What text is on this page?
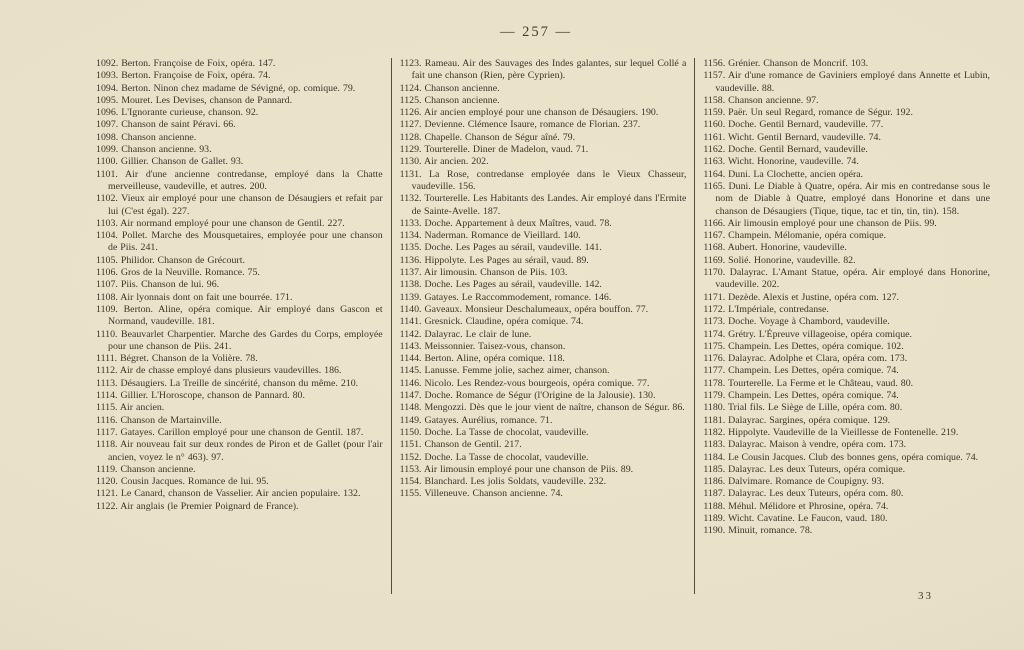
— 257 —

1092. Berton. Françoise de Foix, opéra. 147.

1093. Berton. Françoise de Foix, opéra. 74.

1094. Berton. Ninon chez madame de Sévigné, op. comique. 79.

1095. Mouret. Les Devises, chanson de Pannard.

1096. L'Ignorante curieuse, chanson. 92.

1097. Chanson de saint Péravi. 66.

1098. Chanson ancienne.

1099. Chanson ancienne. 93.

1100. Gillier. Chanson de Gallet. 93.

1101. Air d'une ancienne contredanse, employé dans la Chatte merveilleuse, vaudeville, et autres. 200.

1102. Vieux air employé pour une chanson de Désaugiers et refait par lui (C'est égal). 227.

1103. Air normand employé pour une chanson de Gentil. 227.

1104. Pollet. Marche des Mousquetaires, employée pour une chanson de Piis. 241.

1105. Philidor. Chanson de Grécourt.

1106. Gros de la Neuville. Romance. 75.

1107. Piis. Chanson de lui. 96.

1108. Air lyonnais dont on fait une bourrée. 171.

1109. Berton. Aline, opéra comique. Air employé dans Gascon et Normand, vaudeville. 181.

1110. Beauvarlet Charpentier. Marche des Gardes du Corps, employée pour une chanson de Piis. 241.

1111. Bégret. Chanson de la Volière. 78.

1112. Air de chasse employé dans plusieurs vaudevilles. 186.

1113. Désaugiers. La Treille de sincérité, chanson du même. 210.

1114. Gillier. L'Horoscope, chanson de Pannard. 80.

1115. Air ancien.

1116. Chanson de Martainville.

1117. Gatayes. Carillon employé pour une chanson de Gentil. 187.

1118. Air nouveau fait sur deux rondes de Piron et de Gallet (pour l'air ancien, voyez le n° 463). 97.

1119. Chanson ancienne.

1120. Cousin Jacques. Romance de lui. 95.

1121. Le Canard, chanson de Vasselier. Air ancien populaire. 132.

1122. Air anglais (le Premier Poignard de France).

1123. Rameau. Air des Sauvages des Indes galantes, sur lequel Collé a fait une chanson (Rien, père Cyprien).

1124. Chanson ancienne.

1125. Chanson ancienne.

1126. Air ancien employé pour une chanson de Désaugiers. 190.

1127. Devienne. Clémence Isaure, romance de Florian. 237.

1128. Chapelle. Chanson de Ségur aîné. 79.

1129. Tourterelle. Diner de Madelon, vaud. 71.

1130. Air ancien. 202.

1131. La Rose, contredanse employée dans le Vieux Chasseur, vaudeville. 156.

1132. Tourterelle. Les Habitants des Landes. Air employé dans l'Ermite de Sainte-Avelle. 187.

1133. Doche. Appartement à deux Maîtres, vaud. 78.

1134. Naderman. Romance de Vieillard. 140.

1135. Doche. Les Pages au sérail, vaudeville. 141.

1136. Hippolyte. Les Pages au sérail, vaud. 89.

1137. Air limousin. Chanson de Piis. 103.

1138. Doche. Les Pages au sérail, vaudeville. 142.

1139. Gatayes. Le Raccommodement, romance. 146.

1140. Gaveaux. Monsieur Deschalumeaux, opéra bouffon. 77.

1141. Gresnick. Claudine, opéra comique. 74.

1142. Dalayrac. Le clair de lune.

1143. Meissonnier. Taisez-vous, chanson.

1144. Berton. Aline, opéra comique. 118.

1145. Lanusse. Femme jolie, sachez aimer, chanson.

1146. Nicolo. Les Rendez-vous bourgeois, opéra comique. 77.

1147. Doche. Romance de Ségur (l'Origine de la Jalousie). 130.

1148. Mengozzi. Dès que le jour vient de naître, chanson de Ségur. 86.

1149. Gatayes. Aurélius, romance. 71.

1150. Doche. La Tasse de chocolat, vaudeville.

1151. Chanson de Gentil. 217.

1152. Doche. La Tasse de chocolat, vaudeville.

1153. Air limousin employé pour une chanson de Piis. 89.

1154. Blanchard. Les jolis Soldats, vaudeville. 232.

1155. Villeneuve. Chanson ancienne. 74.

1156. Grénier. Chanson de Moncrif. 103.

1157. Air d'une romance de Gaviniers employé dans Annette et Lubin, vaudeville. 88.

1158. Chanson ancienne. 97.

1159. Paër. Un seul Regard, romance de Ségur. 192.

1160. Doche. Gentil Bernard, vaudeville. 77.

1161. Wicht. Gentil Bernard, vaudeville. 74.

1162. Doche. Gentil Bernard, vaudeville.

1163. Wicht. Honorine, vaudeville. 74.

1164. Duni. La Clochette, ancien opéra.

1165. Duni. Le Diable à Quatre, opéra. Air mis en contredanse sous le nom de Diable à Quatre, employé dans Honorine et dans une chanson de Désaugiers (Tique, tique, tac et tin, tin, tin). 158.

1166. Air limousin employé pour une chanson de Piis. 99.

1167. Champein. Mélomanie, opéra comique.

1168. Aubert. Honorine, vaudeville.

1169. Solié. Honorine, vaudeville. 82.

1170. Dalayrac. L'Amant Statue, opéra. Air employé dans Honorine, vaudeville. 202.

1171. Dezède. Alexis et Justine, opéra com. 127.

1172. L'Impériale, contredanse.

1173. Doche. Voyage à Chambord, vaudeville.

1174. Grétry. L'Épreuve villageoise, opéra comique.

1175. Champein. Les Dettes, opéra comique. 102.

1176. Dalayrac. Adolphe et Clara, opéra com. 173.

1177. Champein. Les Dettes, opéra comique. 74.

1178. Tourterelle. La Ferme et le Château, vaud. 80.

1179. Champein. Les Dettes, opéra comique. 74.

1180. Trial fils. Le Siège de Lille, opéra com. 80.

1181. Dalayrac. Sargines, opéra comique. 129.

1182. Hippolyte. Vaudeville de la Vieillesse de Fontenelle. 219.

1183. Dalayrac. Maison à vendre, opéra com. 173.

1184. Le Cousin Jacques. Club des bonnes gens, opéra comique. 74.

1185. Dalayrac. Les deux Tuteurs, opéra comique.

1186. Dalvimare. Romance de Coupigny. 93.

1187. Dalayrac. Les deux Tuteurs, opéra com. 80.

1188. Méhul. Mélidore et Phrosine, opéra. 74.

1189. Wicht. Cavatine. Le Faucon, vaud. 180.

1190. Minuit, romance. 78.

33
